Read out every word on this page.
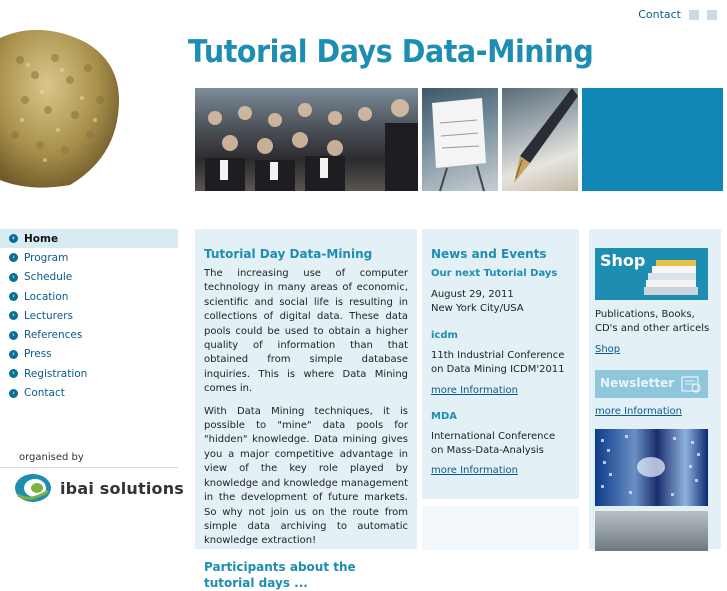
Contact
Tutorial Days Data-Mining
› Home
› Program
› Schedule
› Location
› Lecturers
› References
› Press
› Registration
› Contact
organised by
ibai solutions
Tutorial Day Data-Mining

The increasing use of computer technology in many areas of economic, scientific and social life is resulting in collections of digital data. These data pools could be used to obtain a higher quality of information than that obtained from simple database inquiries. This is where Data Mining comes in.

With Data Mining techniques, it is possible to "mine" data pools for "hidden" knowledge. Data mining gives you a major competitive advantage in view of the key role played by knowledge and knowledge management in the development of future markets. So why not join us on the route from simple data archiving to automatic knowledge extraction!

Participants about the tutorial days ...
News and Events
Our next Tutorial Days
August 29, 2011
New York City/USA
icdm
11th Industrial Conference on Data Mining ICDM'2011
more Information
MDA
International Conference on Mass-Data-Analysis
more Information
Shop
Publications, Books, CD's and other articels
Shop
Newsletter
more Information
